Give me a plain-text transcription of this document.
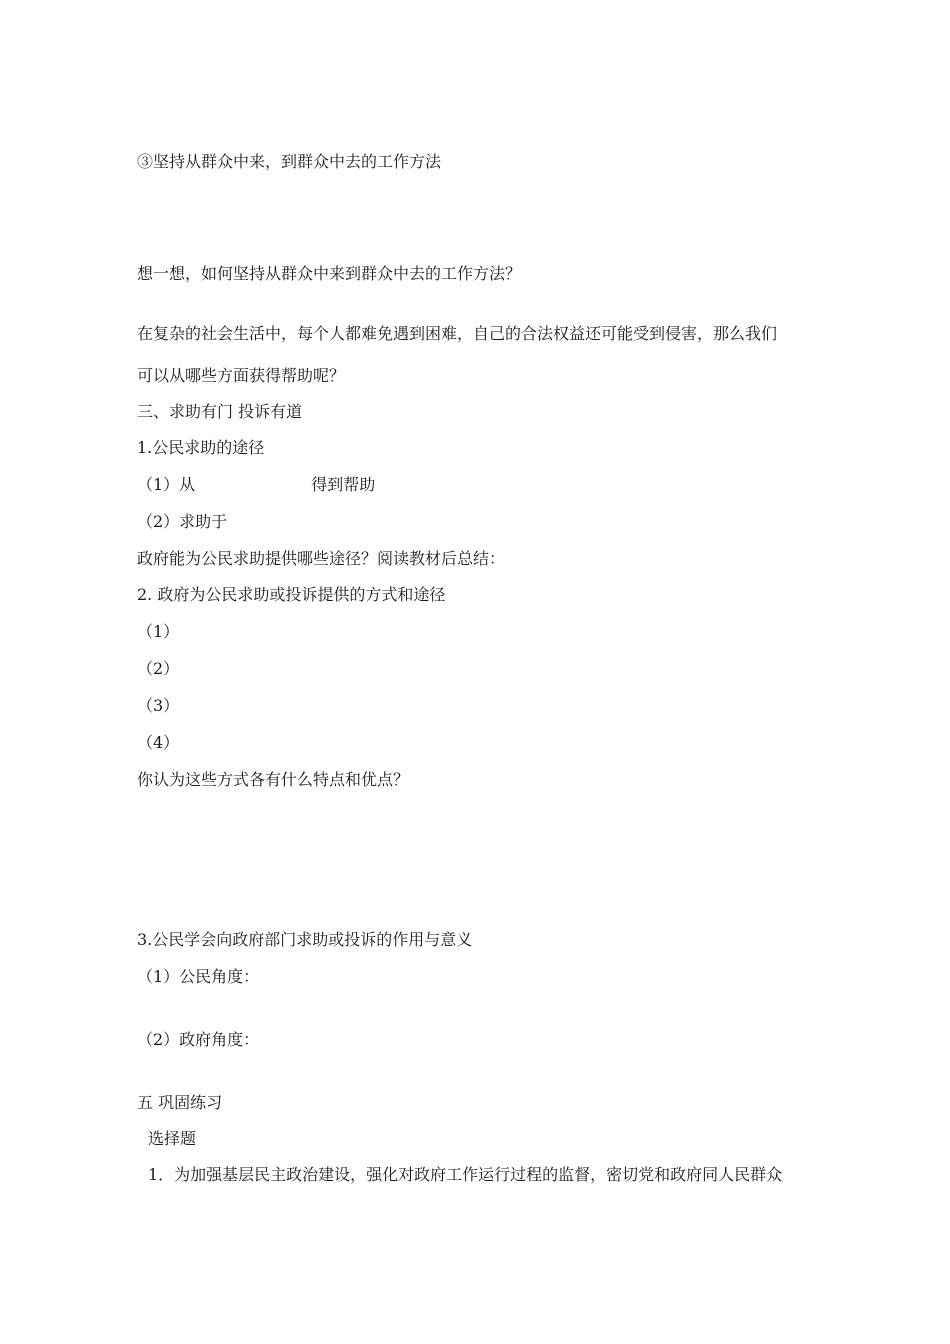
③坚持从群众中来，到群众中去的工作方法
想一想，如何坚持从群众中来到群众中去的工作方法？
在复杂的社会生活中，每个人都难免遇到困难，自己的合法权益还可能受到侵害，那么我们
可以从哪些方面获得帮助呢？
三、求助有门 投诉有道
1.公民求助的途径
（1）从	得到帮助
（2）求助于
政府能为公民求助提供哪些途径？阅读教材后总结：
2. 政府为公民求助或投诉提供的方式和途径
（1）
（2）
（3）
（4）
你认为这些方式各有什么特点和优点？
3.公民学会向政府部门求助或投诉的作用与意义
（1）公民角度：
（2）政府角度：
五 巩固练习
选择题
1．为加强基层民主政治建设，强化对政府工作运行过程的监督，密切党和政府同人民群众
